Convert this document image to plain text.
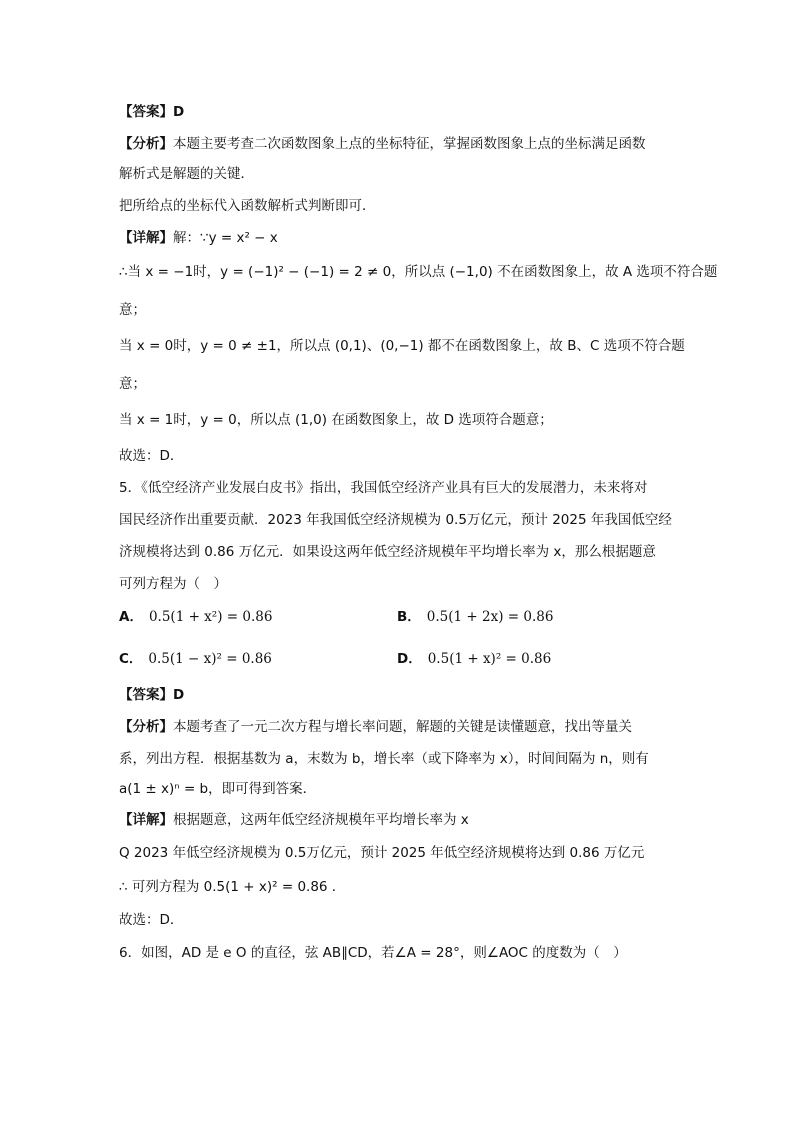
【答案】D
【分析】本题主要考查二次函数图象上点的坐标特征，掌握函数图象上点的坐标满足函数
解析式是解题的关键．
把所给点的坐标代入函数解析式判断即可．
【详解】解：∵y = x² − x
∴当 x = −1时，y = (−1)² − (−1) = 2 ≠ 0，所以点 (−1,0) 不在函数图象上，故 A 选项不符合题
意；
当 x = 0时，y = 0 ≠ ±1，所以点 (0,1)、(0,−1) 都不在函数图象上，故 B、C 选项不符合题
意；
当 x = 1时，y = 0，所以点 (1,0) 在函数图象上，故 D 选项符合题意；
故选：D．
5．《低空经济产业发展白皮书》指出，我国低空经济产业具有巨大的发展潜力，未来将对
国民经济作出重要贡献．2023 年我国低空经济规模为 0.5万亿元，预计 2025 年我国低空经
济规模将达到 0.86 万亿元．如果设这两年低空经济规模年平均增长率为 x，那么根据题意
可列方程为（　）
A． 0.5(1 + x²) = 0.86	B． 0.5(1 + 2x) = 0.86
C． 0.5(1 − x)² = 0.86	D． 0.5(1 + x)² = 0.86
【答案】D
【分析】本题考查了一元二次方程与增长率问题，解题的关键是读懂题意，找出等量关
系，列出方程．根据基数为 a，末数为 b，增长率（或下降率为 x），时间间隔为 n，则有
a(1 ± x)ⁿ = b，即可得到答案．
【详解】根据题意，这两年低空经济规模年平均增长率为 x
Q 2023 年低空经济规模为 0.5万亿元，预计 2025 年低空经济规模将达到 0.86 万亿元
∴ 可列方程为 0.5(1 + x)² = 0.86 ．
故选：D．
6．如图，AD 是 e O 的直径，弦 AB∥CD，若∠A = 28°，则∠AOC 的度数为（　）
